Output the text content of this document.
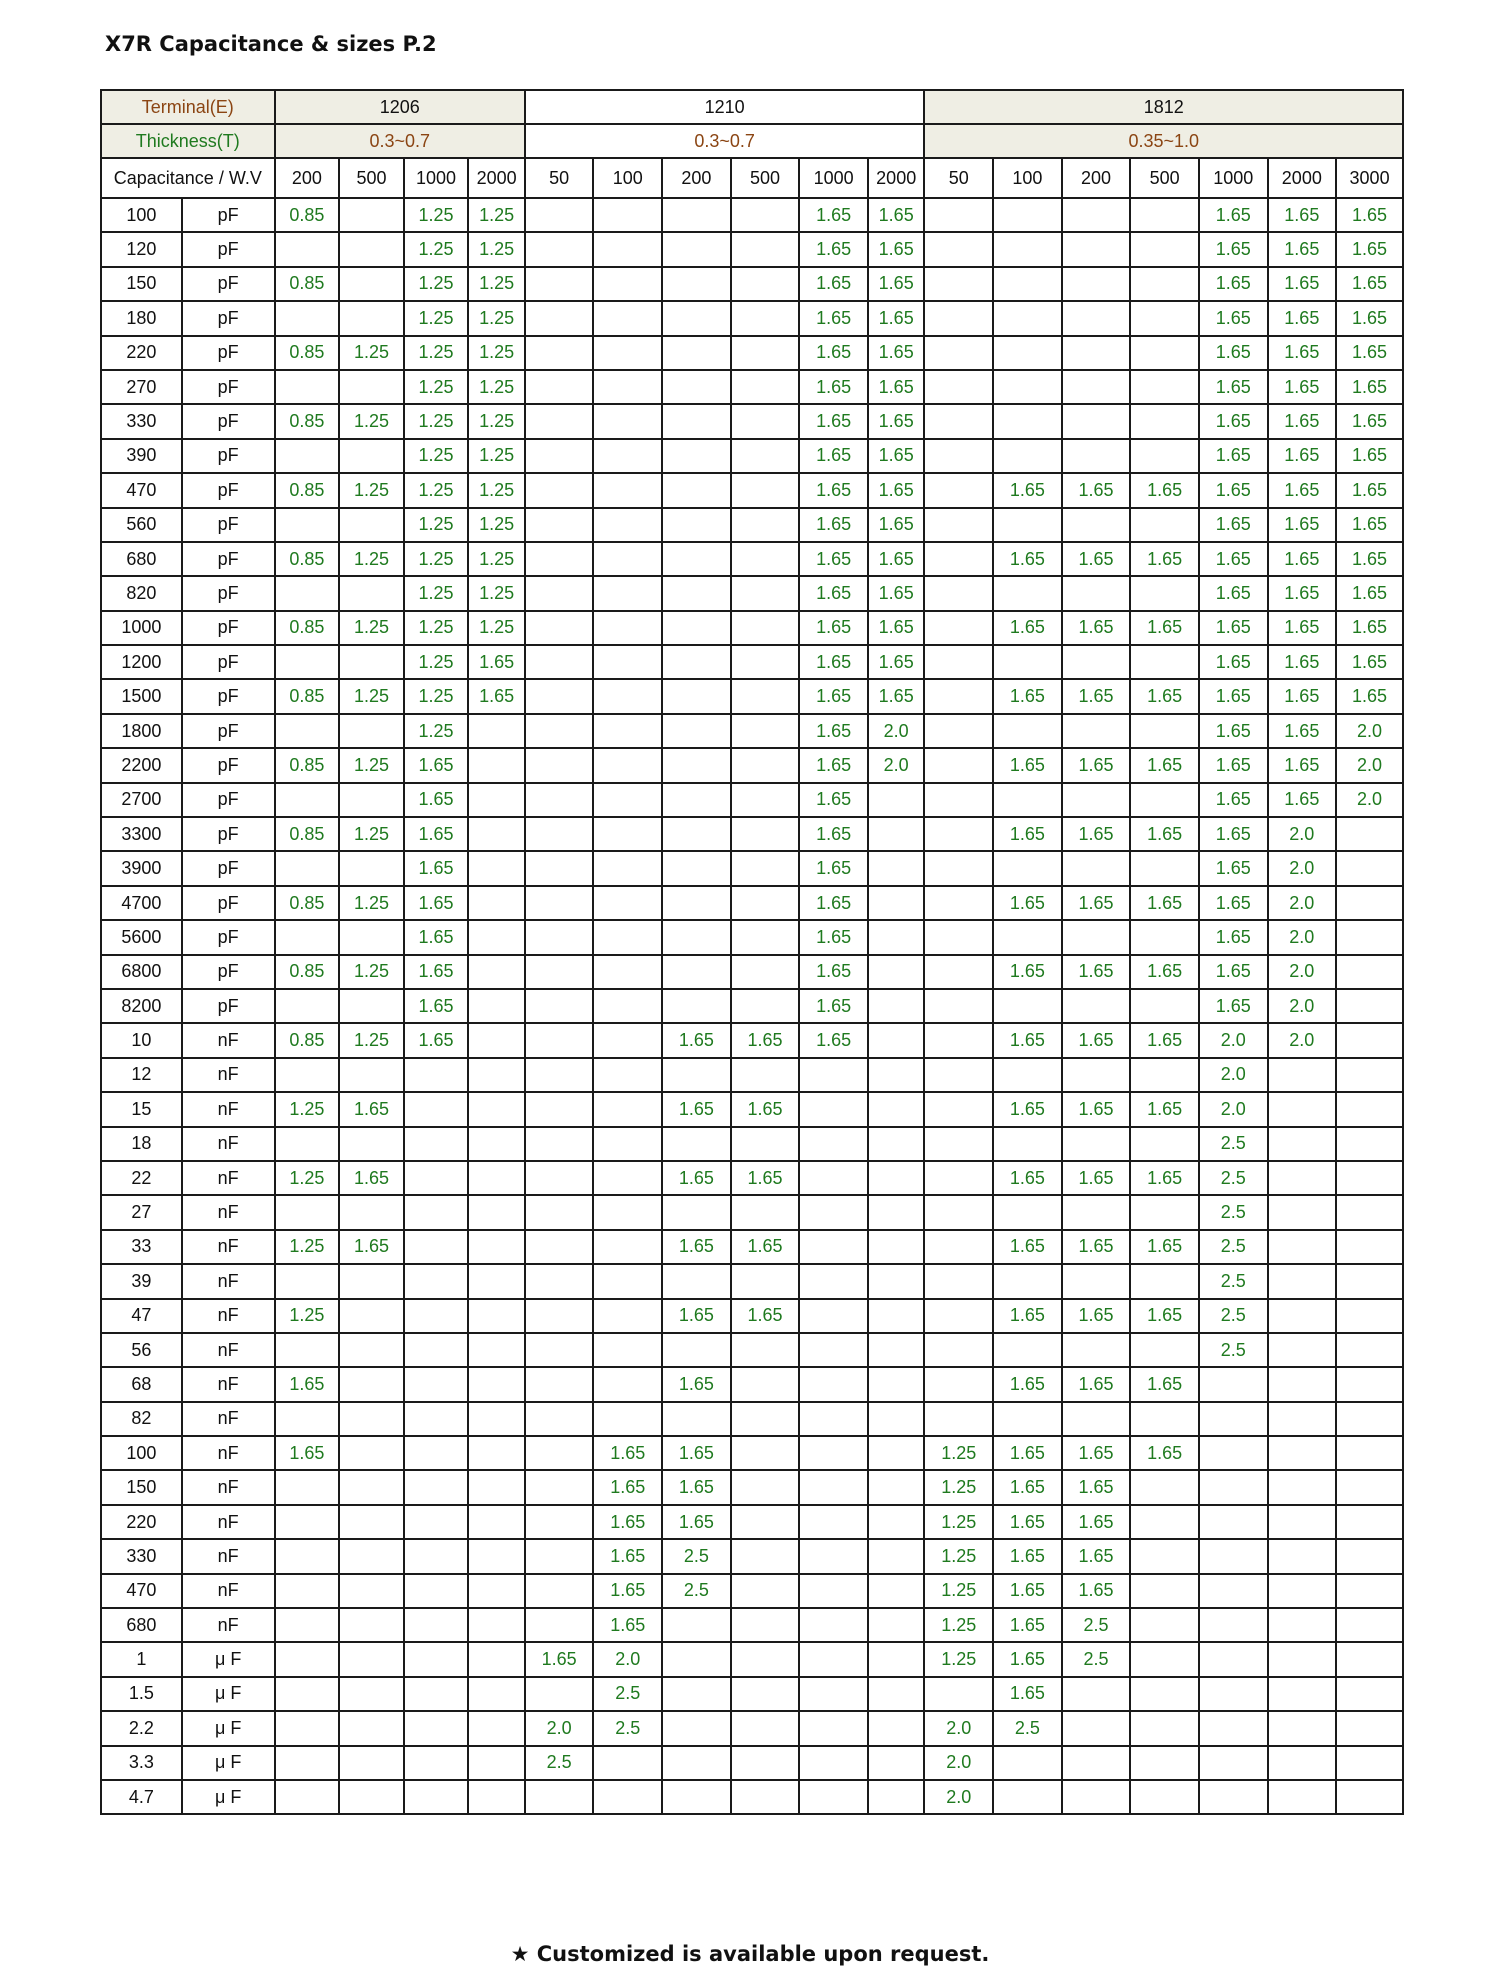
X7R Capacitance & sizes P.2
Terminal(E)		1206				1210						1812						
Thickness(T)		0.3~0.7				0.3~0.7						0.35~1.0						
Capacitance / W.V		200	500	1000	2000	50	100	200	500	1000	2000	50	100	200	500	1000	2000	3000
100	pF	0.85		1.25	1.25					1.65	1.65					1.65	1.65	1.65
120	pF			1.25	1.25					1.65	1.65					1.65	1.65	1.65
150	pF	0.85		1.25	1.25					1.65	1.65					1.65	1.65	1.65
180	pF			1.25	1.25					1.65	1.65					1.65	1.65	1.65
220	pF	0.85	1.25	1.25	1.25					1.65	1.65					1.65	1.65	1.65
270	pF			1.25	1.25					1.65	1.65					1.65	1.65	1.65
330	pF	0.85	1.25	1.25	1.25					1.65	1.65					1.65	1.65	1.65
390	pF			1.25	1.25					1.65	1.65					1.65	1.65	1.65
470	pF	0.85	1.25	1.25	1.25					1.65	1.65		1.65	1.65	1.65	1.65	1.65	1.65
560	pF			1.25	1.25					1.65	1.65					1.65	1.65	1.65
680	pF	0.85	1.25	1.25	1.25					1.65	1.65		1.65	1.65	1.65	1.65	1.65	1.65
820	pF			1.25	1.25					1.65	1.65					1.65	1.65	1.65
1000	pF	0.85	1.25	1.25	1.25					1.65	1.65		1.65	1.65	1.65	1.65	1.65	1.65
1200	pF			1.25	1.65					1.65	1.65					1.65	1.65	1.65
1500	pF	0.85	1.25	1.25	1.65					1.65	1.65		1.65	1.65	1.65	1.65	1.65	1.65
1800	pF			1.25						1.65	2.0					1.65	1.65	2.0
2200	pF	0.85	1.25	1.65						1.65	2.0		1.65	1.65	1.65	1.65	1.65	2.0
2700	pF			1.65						1.65						1.65	1.65	2.0
3300	pF	0.85	1.25	1.65						1.65			1.65	1.65	1.65	1.65	2.0	
3900	pF			1.65						1.65						1.65	2.0	
4700	pF	0.85	1.25	1.65						1.65			1.65	1.65	1.65	1.65	2.0	
5600	pF			1.65						1.65						1.65	2.0	
6800	pF	0.85	1.25	1.65						1.65			1.65	1.65	1.65	1.65	2.0	
8200	pF			1.65						1.65						1.65	2.0	
10	nF	0.85	1.25	1.65				1.65	1.65	1.65			1.65	1.65	1.65	2.0	2.0	
12	nF															2.0		
15	nF	1.25	1.65					1.65	1.65				1.65	1.65	1.65	2.0		
18	nF															2.5		
22	nF	1.25	1.65					1.65	1.65				1.65	1.65	1.65	2.5		
27	nF															2.5		
33	nF	1.25	1.65					1.65	1.65				1.65	1.65	1.65	2.5		
39	nF															2.5		
47	nF	1.25						1.65	1.65				1.65	1.65	1.65	2.5		
56	nF															2.5		
68	nF	1.65						1.65					1.65	1.65	1.65			
82	nF																	
100	nF	1.65					1.65	1.65				1.25	1.65	1.65	1.65			
150	nF						1.65	1.65				1.25	1.65	1.65				
220	nF						1.65	1.65				1.25	1.65	1.65				
330	nF						1.65	2.5				1.25	1.65	1.65				
470	nF						1.65	2.5				1.25	1.65	1.65				
680	nF						1.65					1.25	1.65	2.5				
1	μ F					1.65	2.0					1.25	1.65	2.5				
1.5	μ F						2.5						1.65					
2.2	μ F					2.0	2.5					2.0	2.5					
3.3	μ F					2.5						2.0						
4.7	μ F											2.0						

★ Customized is available upon request.
